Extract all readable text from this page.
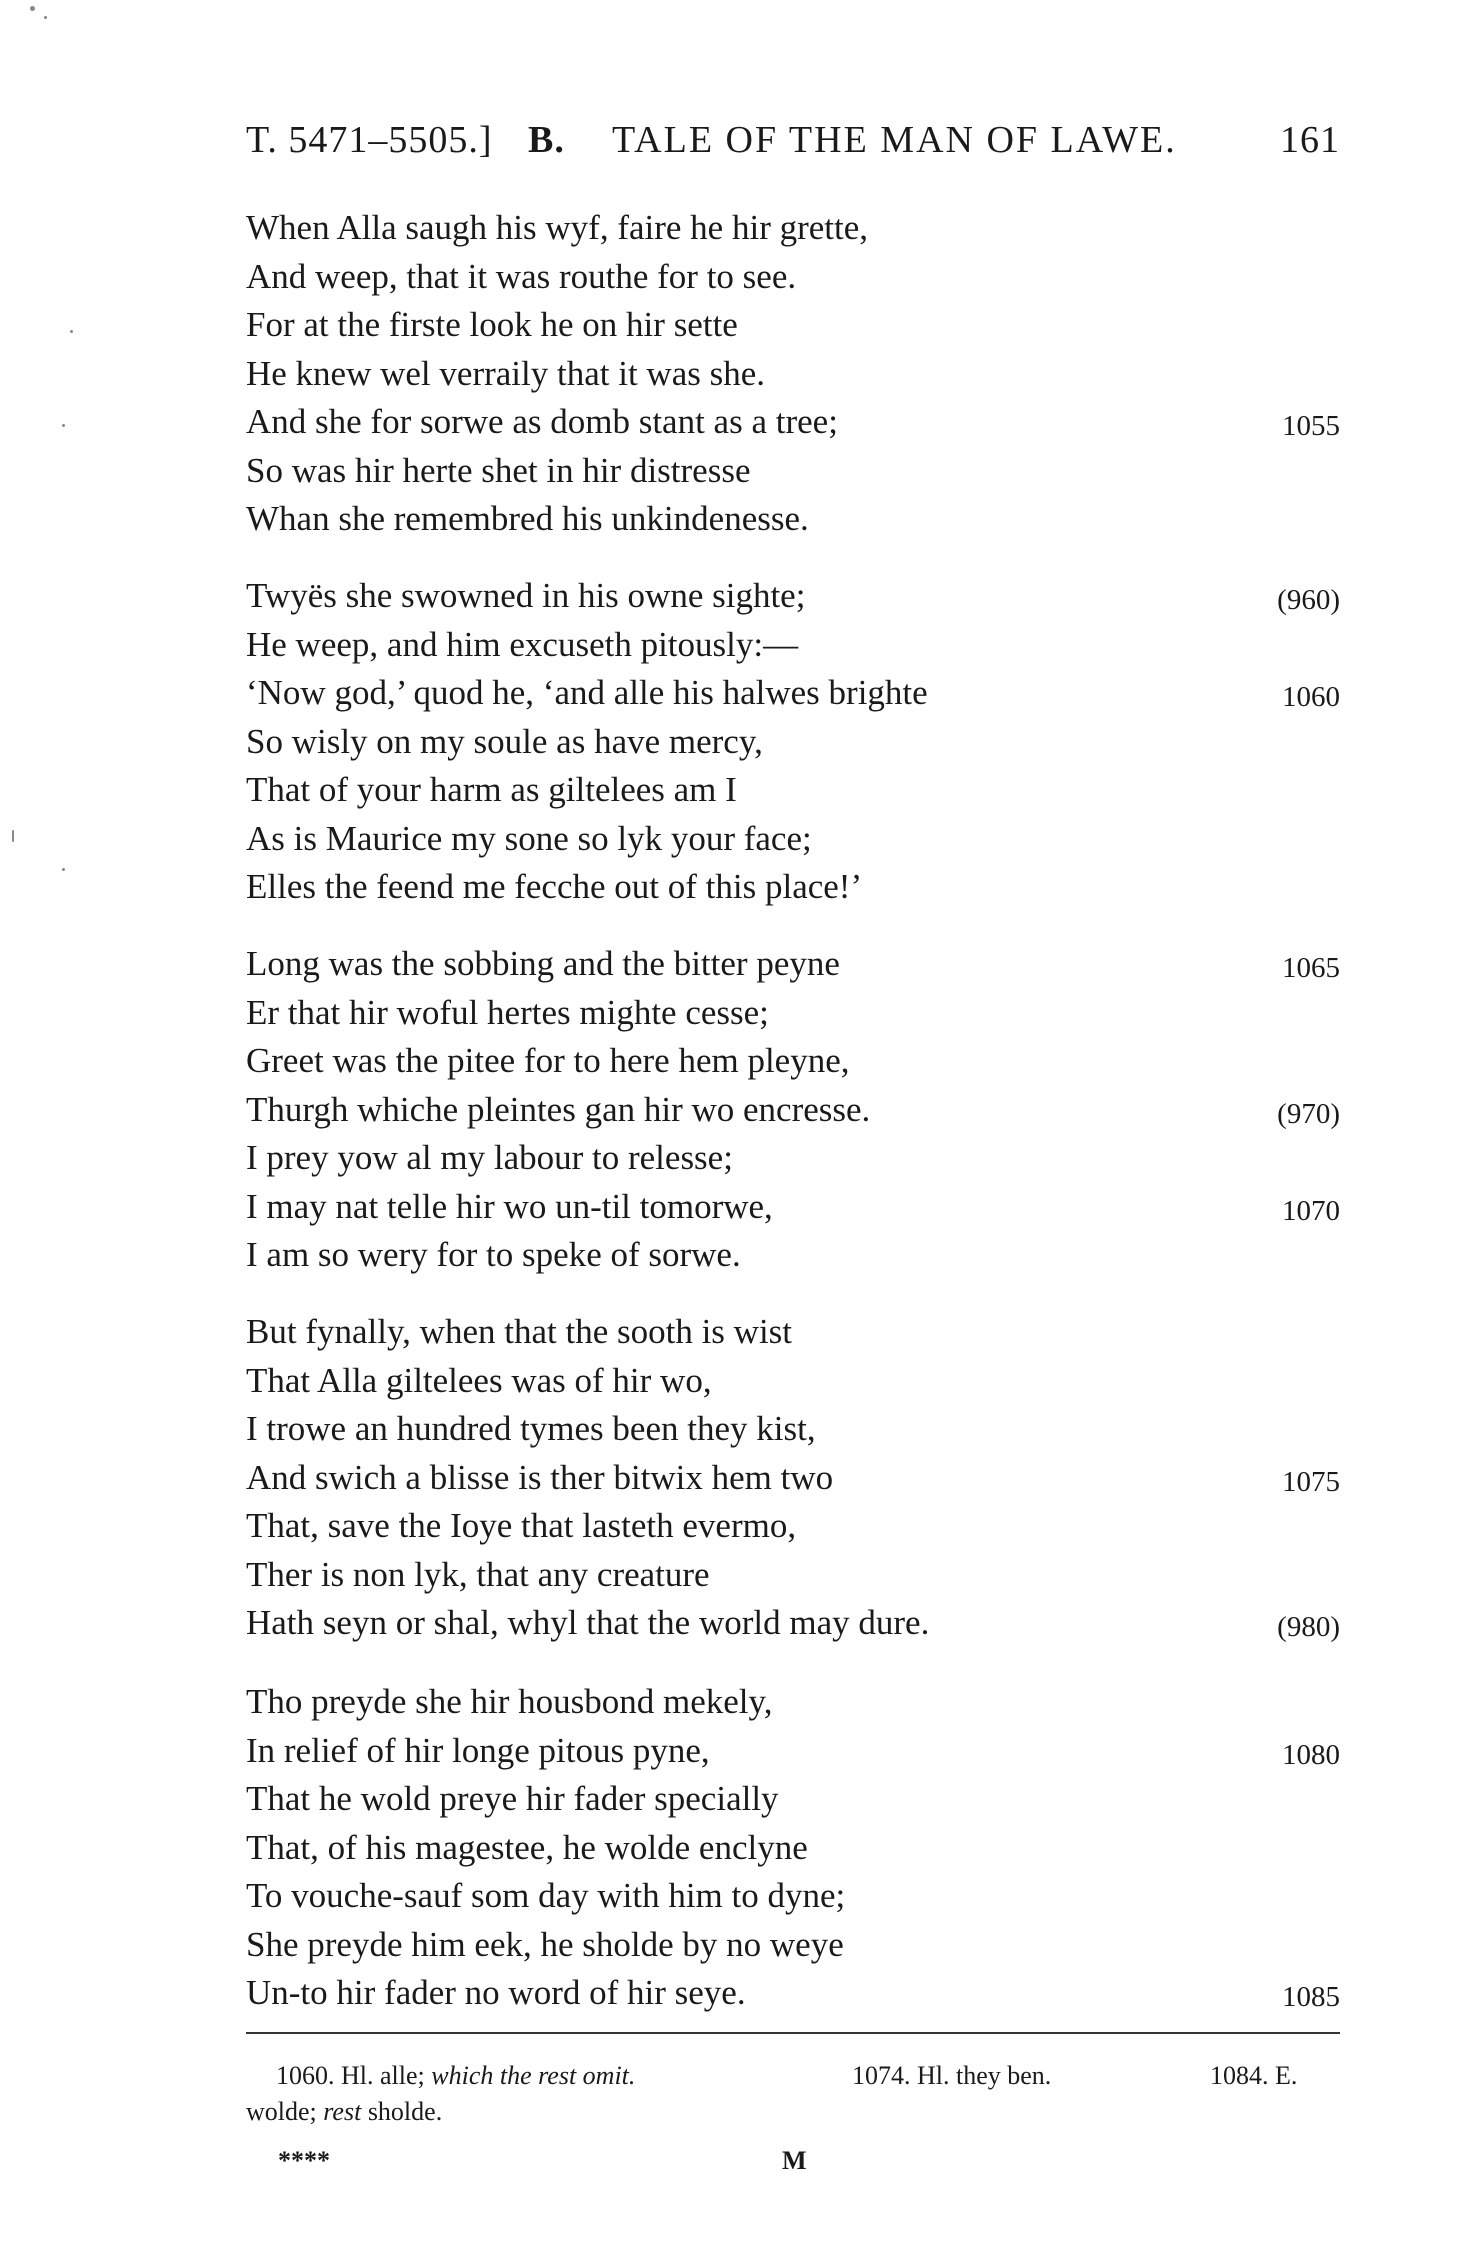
T. 5471–5505.] B. TALE OF THE MAN OF LAWE.	161
When Alla saugh his wyf, faire he hir grette,
And weep, that it was routhe for to see.
For at the firste look he on hir sette
He knew wel verraily that it was she.
And she for sorwe as domb stant as a tree;	1055
So was hir herte shet in hir distresse
Whan she remembred his unkindenesse.
Twyës she swowned in his owne sighte;	(960)
He weep, and him excuseth pitously:—
‘Now god,’ quod he, ‘and alle his halwes brighte	1060
So wisly on my soule as have mercy,
That of your harm as giltelees am I
As is Maurice my sone so lyk your face;
Elles the feend me fecche out of this place!’
Long was the sobbing and the bitter peyne	1065
Er that hir woful hertes mighte cesse;
Greet was the pitee for to here hem pleyne,
Thurgh whiche pleintes gan hir wo encresse.	(970)
I prey yow al my labour to relesse;
I may nat telle hir wo un-til tomorwe,	1070
I am so wery for to speke of sorwe.
But fynally, when that the sooth is wist
That Alla giltelees was of hir wo,
I trowe an hundred tymes been they kist,
And swich a blisse is ther bitwix hem two	1075
That, save the Ioye that lasteth evermo,
Ther is non lyk, that any creature
Hath seyn or shal, whyl that the world may dure.	(980)
Tho preyde she hir housbond mekely,
In relief of hir longe pitous pyne,	1080
That he wold preye hir fader specially
That, of his magestee, he wolde enclyne
To vouche-sauf som day with him to dyne;
She preyde him eek, he sholde by no weye
Un-to hir fader no word of hir seye.	1085
1060. Hl. alle; which the rest omit.	1074. Hl. they ben.	1084. E.
wolde; rest sholde.
****	M
